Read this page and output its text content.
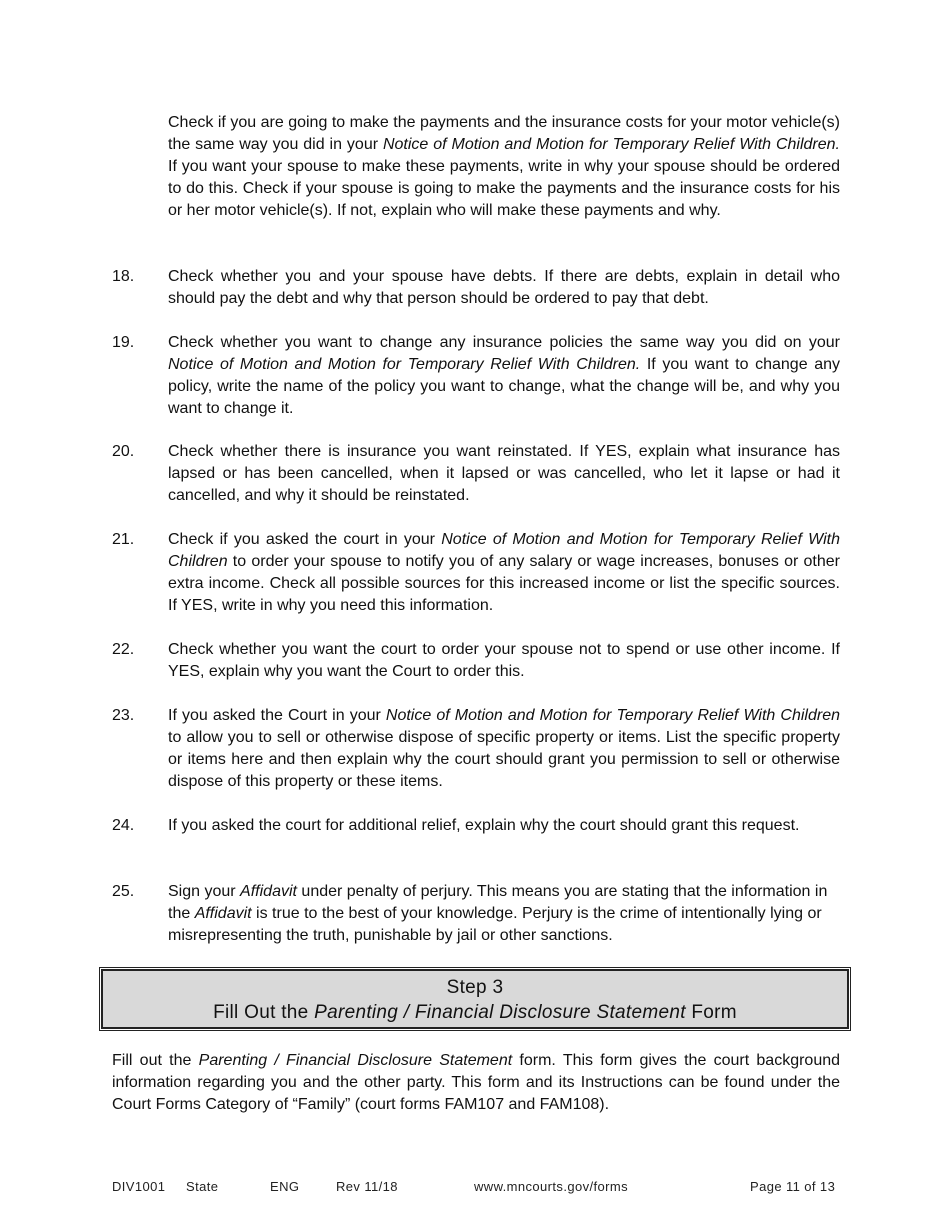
Check if you are going to make the payments and the insurance costs for your motor vehicle(s) the same way you did in your Notice of Motion and Motion for Temporary Relief With Children. If you want your spouse to make these payments, write in why your spouse should be ordered to do this. Check if your spouse is going to make the payments and the insurance costs for his or her motor vehicle(s). If not, explain who will make these payments and why.

18.	Check whether you and your spouse have debts. If there are debts, explain in detail who should pay the debt and why that person should be ordered to pay that debt.

19.	Check whether you want to change any insurance policies the same way you did on your Notice of Motion and Motion for Temporary Relief With Children. If you want to change any policy, write the name of the policy you want to change, what the change will be, and why you want to change it.

20.	Check whether there is insurance you want reinstated. If YES, explain what insurance has lapsed or has been cancelled, when it lapsed or was cancelled, who let it lapse or had it cancelled, and why it should be reinstated.

21.	Check if you asked the court in your Notice of Motion and Motion for Temporary Relief With Children to order your spouse to notify you of any salary or wage increases, bonuses or other extra income. Check all possible sources for this increased income or list the specific sources. If YES, write in why you need this information.

22.	Check whether you want the court to order your spouse not to spend or use other income. If YES, explain why you want the Court to order this.

23.	If you asked the Court in your Notice of Motion and Motion for Temporary Relief With Children to allow you to sell or otherwise dispose of specific property or items. List the specific property or items here and then explain why the court should grant you permission to sell or otherwise dispose of this property or these items.

24.	If you asked the court for additional relief, explain why the court should grant this request.

25.	Sign your Affidavit under penalty of perjury. This means you are stating that the information in the Affidavit is true to the best of your knowledge. Perjury is the crime of intentionally lying or misrepresenting the truth, punishable by jail or other sanctions.

Step 3
Fill Out the Parenting / Financial Disclosure Statement Form

Fill out the Parenting / Financial Disclosure Statement form. This form gives the court background information regarding you and the other party. This form and its Instructions can be found under the Court Forms Category of “Family” (court forms FAM107 and FAM108).

DIV1001 State	ENG	Rev 11/18	www.mncourts.gov/forms	Page 11 of 13
